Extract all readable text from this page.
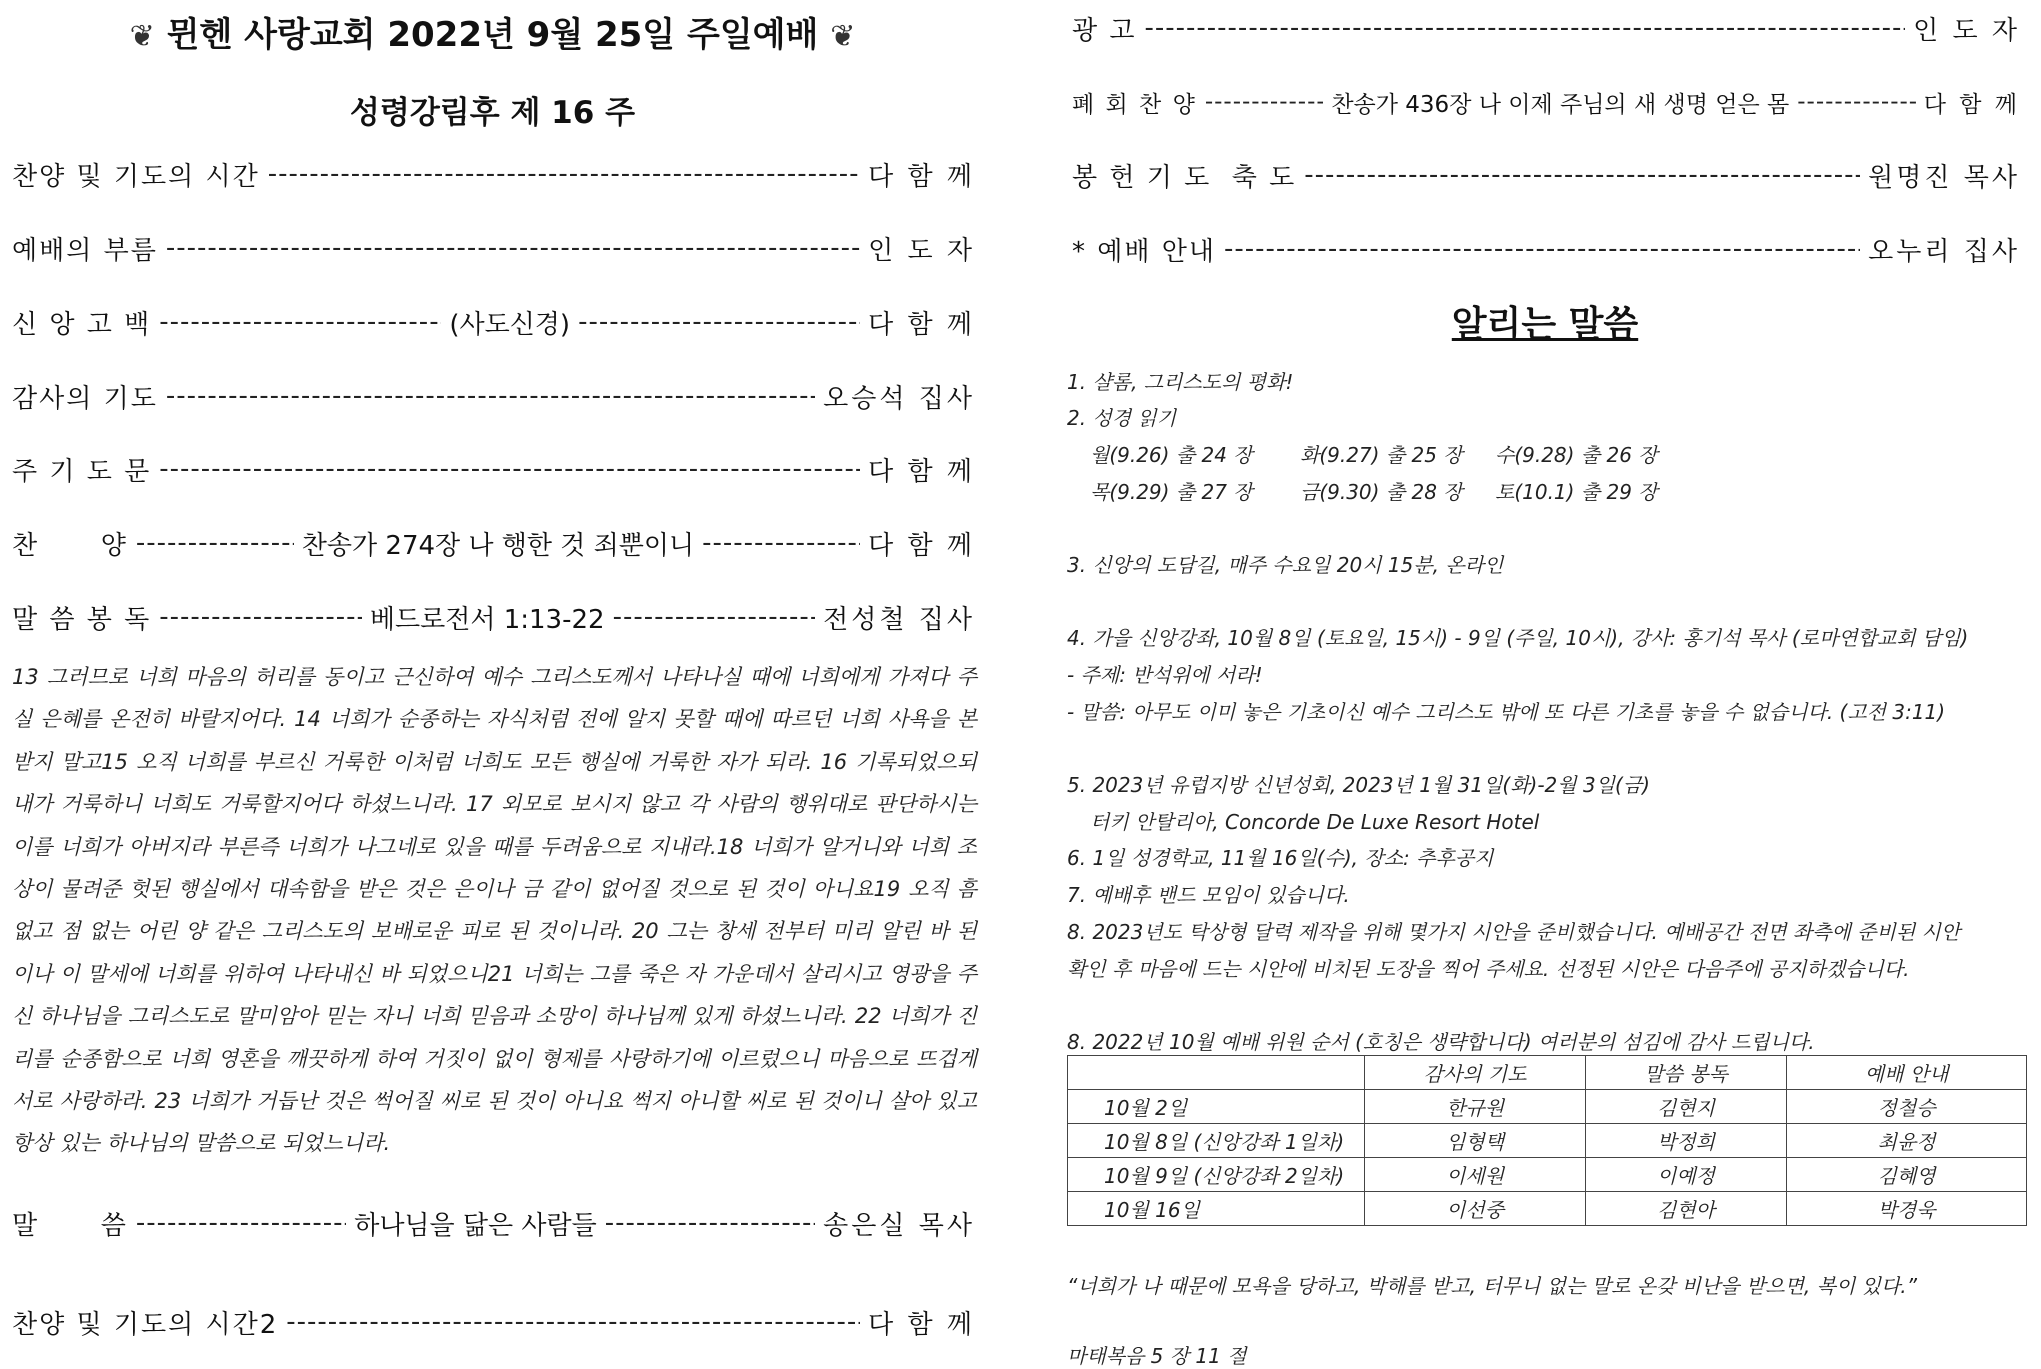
❦ 뮌헨 사랑교회 2022년 9월 25일 주일예배 ❦
성령강림후 제 16 주
찬양 및 기도의 시간 -----	다 함 께
예배의 부름 -----	인 도 자
신 앙 고 백 -----	(사도신경) -----	다 함 께
감사의 기도 -----	오승석 집사
주 기 도 문 -----	다 함 께
찬      양 -----	찬송가 274장 나 행한 것 죄뿐이니 -----	다 함 께
말 씀 봉 독 -----	베드로전서 1:13-22 -----	전성철 집사
13 그러므로 너희 마음의 허리를 동이고 근신하여 예수 그리스도께서 나타나실 때에 너희에게 가져다 주실 은혜를 온전히 바랄지어다. 14 너희가 순종하는 자식처럼 전에 알지 못할 때에 따르던 너희 사욕을 본받지 말고15 오직 너희를 부르신 거룩한 이처럼 너희도 모든 행실에 거룩한 자가 되라. 16 기록되었으되 내가 거룩하니 너희도 거룩할지어다 하셨느니라. 17 외모로 보시지 않고 각 사람의 행위대로 판단하시는 이를 너희가 아버지라 부른즉 너희가 나그네로 있을 때를 두려움으로 지내라.18 너희가 알거니와 너희 조상이 물려준 헛된 행실에서 대속함을 받은 것은 은이나 금 같이 없어질 것으로 된 것이 아니요19 오직 흠 없고 점 없는 어린 양 같은 그리스도의 보배로운 피로 된 것이니라. 20 그는 창세 전부터 미리 알린 바 된 이나 이 말세에 너희를 위하여 나타내신 바 되었으니21 너희는 그를 죽은 자 가운데서 살리시고 영광을 주신 하나님을 그리스도로 말미암아 믿는 자니 너희 믿음과 소망이 하나님께 있게 하셨느니라. 22 너희가 진리를 순종함으로 너희 영혼을 깨끗하게 하여 거짓이 없이 형제를 사랑하기에 이르렀으니 마음으로 뜨겁게 서로 사랑하라. 23 너희가 거듭난 것은 썩어질 씨로 된 것이 아니요 썩지 아니할 씨로 된 것이니 살아 있고 항상 있는 하나님의 말씀으로 되었느니라.
말      씀 -----	하나님을 닮은 사람들 -----	송은실 목사
찬양 및 기도의 시간2 -----	다 함 께
광 고 -----	인 도 자
폐 회 찬 양 -----	찬송가 436장 나 이제 주님의 새 생명 얻은 몸 -----	다 함 께
봉 헌 기 도  축 도 -----	원명진 목사
* 예배 안내 -----	오누리 집사
알리는 말씀
1. 샬롬, 그리스도의 평화!
2. 성경 읽기
월(9.26) 출 24 장 화(9.27) 출 25 장 수(9.28) 출 26 장
목(9.29) 출 27 장 금(9.30) 출 28 장 토(10.1) 출 29 장
3. 신앙의 도담길, 매주 수요일 20시 15분, 온라인
4. 가을 신앙강좌, 10월 8일 (토요일, 15시) - 9일 (주일, 10시), 강사: 홍기석 목사 (로마연합교회 담임)
- 주제: 반석위에 서라!
- 말씀: 아무도 이미 놓은 기초이신 예수 그리스도 밖에 또 다른 기초를 놓을 수 없습니다. (고전 3:11)
5. 2023년 유럽지방 신년성회, 2023년 1월 31일(화)-2월 3일(금)
터키 안탈리아, Concorde De Luxe Resort Hotel
6. 1일 성경학교, 11월 16일(수), 장소: 추후공지
7. 예배후 밴드 모임이 있습니다.
8. 2023년도 탁상형 달력 제작을 위해 몇가지 시안을 준비했습니다. 예배공간 전면 좌측에 준비된 시안
확인 후 마음에 드는 시안에 비치된 도장을 찍어 주세요. 선정된 시안은 다음주에 공지하겠습니다.
8. 2022년 10월 예배 위원 순서 (호칭은 생략합니다) 여러분의 섬김에 감사 드립니다.
	감사의 기도	말씀 봉독	예배 안내
10월 2일	한규원	김현지	정철승
10월 8일 (신앙강좌 1일차)	임형택	박정희	최윤정
10월 9일 (신앙강좌 2일차)	이세원	이예정	김혜영
10월 16일	이선중	김현아	박경욱
“너희가 나 때문에 모욕을 당하고, 박해를 받고, 터무니 없는 말로 온갖 비난을 받으면, 복이 있다.”
마태복음 5 장 11 절
